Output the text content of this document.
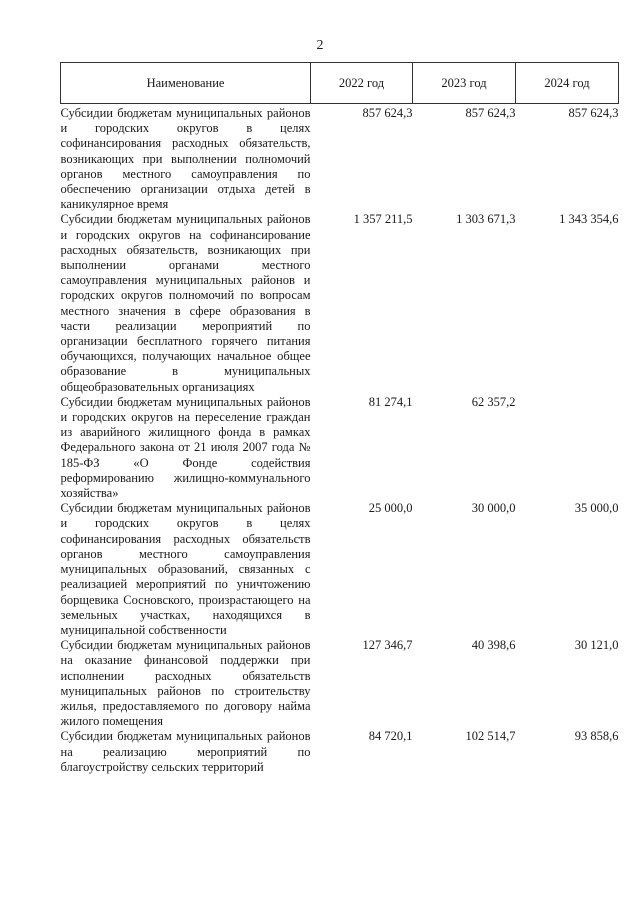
2
Наименование	2022 год	2023 год	2024 год
Субсидии бюджетам муниципальных районов и городских округов в целях софинансирования расходных обязательств, возникающих при выполнении полномочий органов местного самоуправления по обеспечению организации отдыха детей в каникулярное время	857 624,3	857 624,3	857 624,3
Субсидии бюджетам муниципальных районов и городских округов на софинансирование расходных обязательств, возникающих при выполнении органами местного самоуправления муниципальных районов и городских округов полномочий по вопросам местного значения в сфере образования в части реализации мероприятий по организации бесплатного горячего питания обучающихся, получающих начальное общее образование в муниципальных общеобразовательных организациях	1 357 211,5	1 303 671,3	1 343 354,6
Субсидии бюджетам муниципальных районов и городских округов на переселение граждан из аварийного жилищного фонда в рамках Федерального закона от 21 июля 2007 года № 185-ФЗ «О Фонде содействия реформированию жилищно-коммунального хозяйства»	81 274,1	62 357,2	
Субсидии бюджетам муниципальных районов и городских округов в целях софинансирования расходных обязательств органов местного самоуправления муниципальных образований, связанных с реализацией мероприятий по уничтожению борщевика Сосновского, произрастающего на земельных участках, находящихся в муниципальной собственности	25 000,0	30 000,0	35 000,0
Субсидии бюджетам муниципальных районов на оказание финансовой поддержки при исполнении расходных обязательств муниципальных районов по строительству жилья, предоставляемого по договору найма жилого помещения	127 346,7	40 398,6	30 121,0
Субсидии бюджетам муниципальных районов на реализацию мероприятий по благоустройству сельских территорий	84 720,1	102 514,7	93 858,6
